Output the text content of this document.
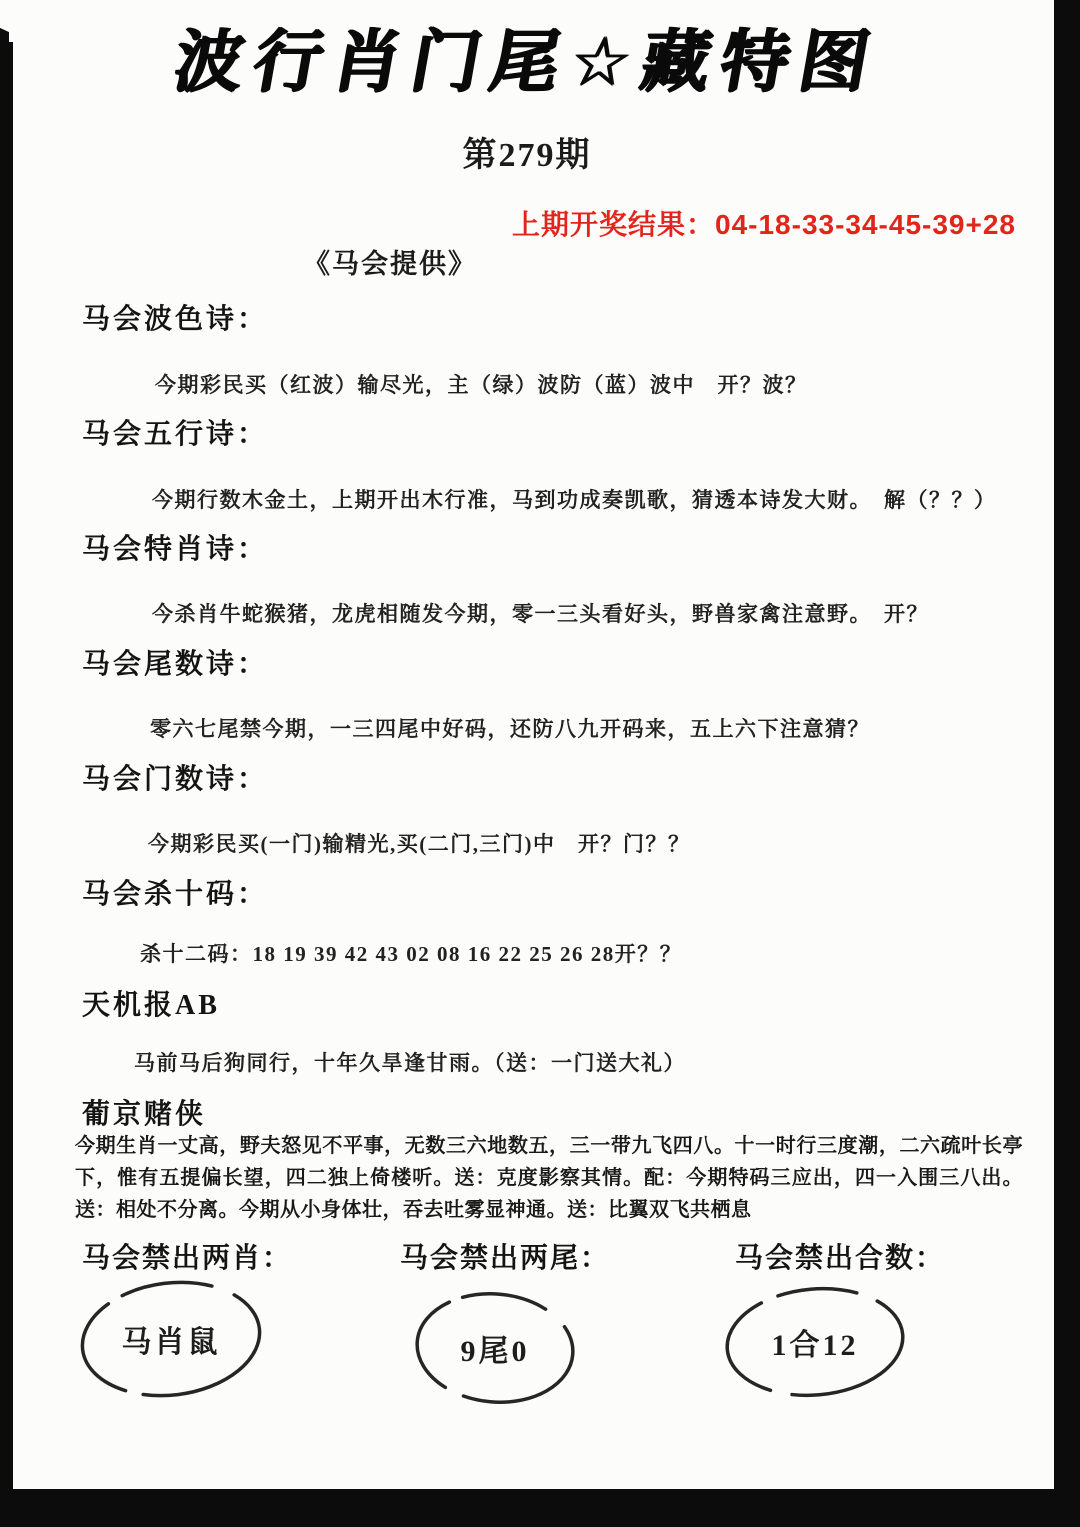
波行肖门尾☆藏特图
第279期
上期开奖结果：04-18-33-34-45-39+28
《马会提供》
马会波色诗：
今期彩民买（红波）输尽光，主（绿）波防（蓝）波中　开？波？
马会五行诗：
今期行数木金土，上期开出木行准，马到功成奏凯歌，猜透本诗发大财。　解（？？）
马会特肖诗：
今杀肖牛蛇猴猪，龙虎相随发今期，零一三头看好头，野兽家禽注意野。　开？
马会尾数诗：
零六七尾禁今期，一三四尾中好码，还防八九开码来，五上六下注意猜？
马会门数诗：
今期彩民买(一门)输精光,买(二门,三门)中　开？门？？
马会杀十码：
杀十二码：18 19 39 42 43 02 08 16 22 25 26 28开？？
天机报AB
马前马后狗同行，十年久旱逢甘雨。（送：一门送大礼）
葡京赌侠
今期生肖一丈高，野夫怒见不平事，无数三六地数五，三一带九飞四八。十一时行三度潮，二六疏叶长亭下，惟有五提偏长望，四二独上倚楼听。送：克度影察其情。配：今期特码三应出，四一入围三八出。送：相处不分离。今期从小身体壮，吞去吐雾显神通。送：比翼双飞共栖息
马会禁出两肖：	马会禁出两尾：	马会禁出合数：
马肖鼠	9尾0	1合12
